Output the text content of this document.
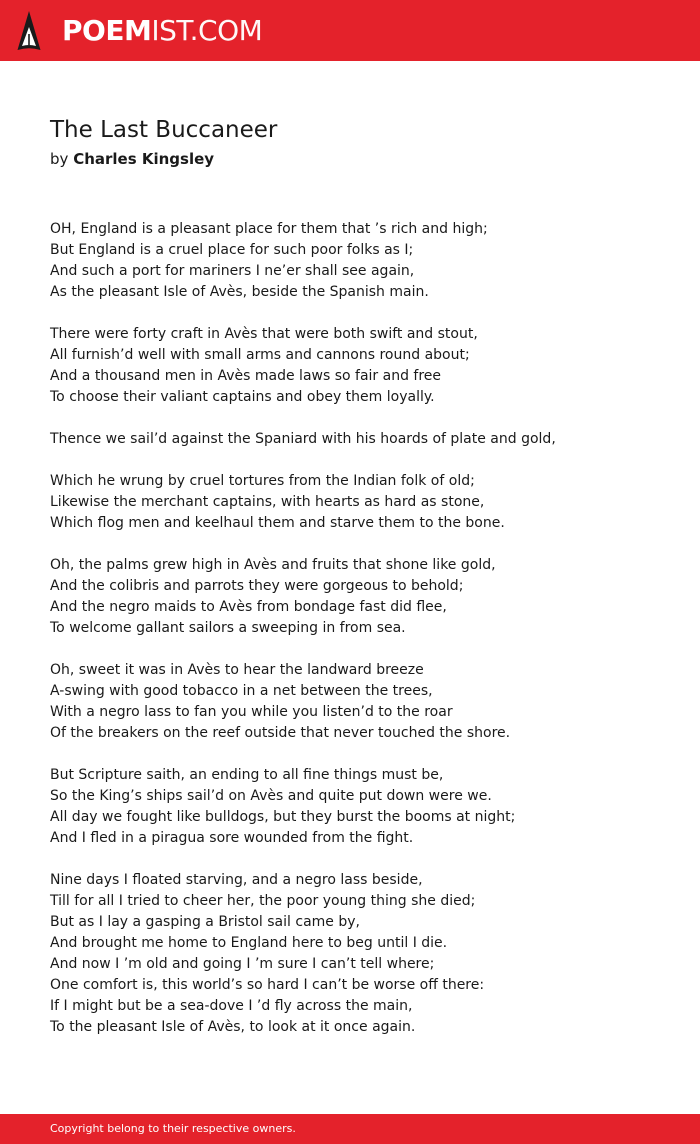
POEMIST.COM
The Last Buccaneer
by Charles Kingsley
OH, England is a pleasant place for them that ’s rich and high;
But England is a cruel place for such poor folks as I;
And such a port for mariners I ne’er shall see again,
As the pleasant Isle of Avès, beside the Spanish main.
There were forty craft in Avès that were both swift and stout,
All furnish’d well with small arms and cannons round about;
And a thousand men in Avès made laws so fair and free
To choose their valiant captains and obey them loyally.
Thence we sail’d against the Spaniard with his hoards of plate and gold,
Which he wrung by cruel tortures from the Indian folk of old;
Likewise the merchant captains, with hearts as hard as stone,
Which flog men and keelhaul them and starve them to the bone.
Oh, the palms grew high in Avès and fruits that shone like gold,
And the colibris and parrots they were gorgeous to behold;
And the negro maids to Avès from bondage fast did flee,
To welcome gallant sailors a sweeping in from sea.
Oh, sweet it was in Avès to hear the landward breeze
A-swing with good tobacco in a net between the trees,
With a negro lass to fan you while you listen’d to the roar
Of the breakers on the reef outside that never touched the shore.
But Scripture saith, an ending to all fine things must be,
So the King’s ships sail’d on Avès and quite put down were we.
All day we fought like bulldogs, but they burst the booms at night;
And I fled in a piragua sore wounded from the fight.
Nine days I floated starving, and a negro lass beside,
Till for all I tried to cheer her, the poor young thing she died;
But as I lay a gasping a Bristol sail came by,
And brought me home to England here to beg until I die.
And now I ’m old and going I ’m sure I can’t tell where;
One comfort is, this world’s so hard I can’t be worse off there:
If I might but be a sea-dove I ’d fly across the main,
To the pleasant Isle of Avès, to look at it once again.
Copyright belong to their respective owners.
